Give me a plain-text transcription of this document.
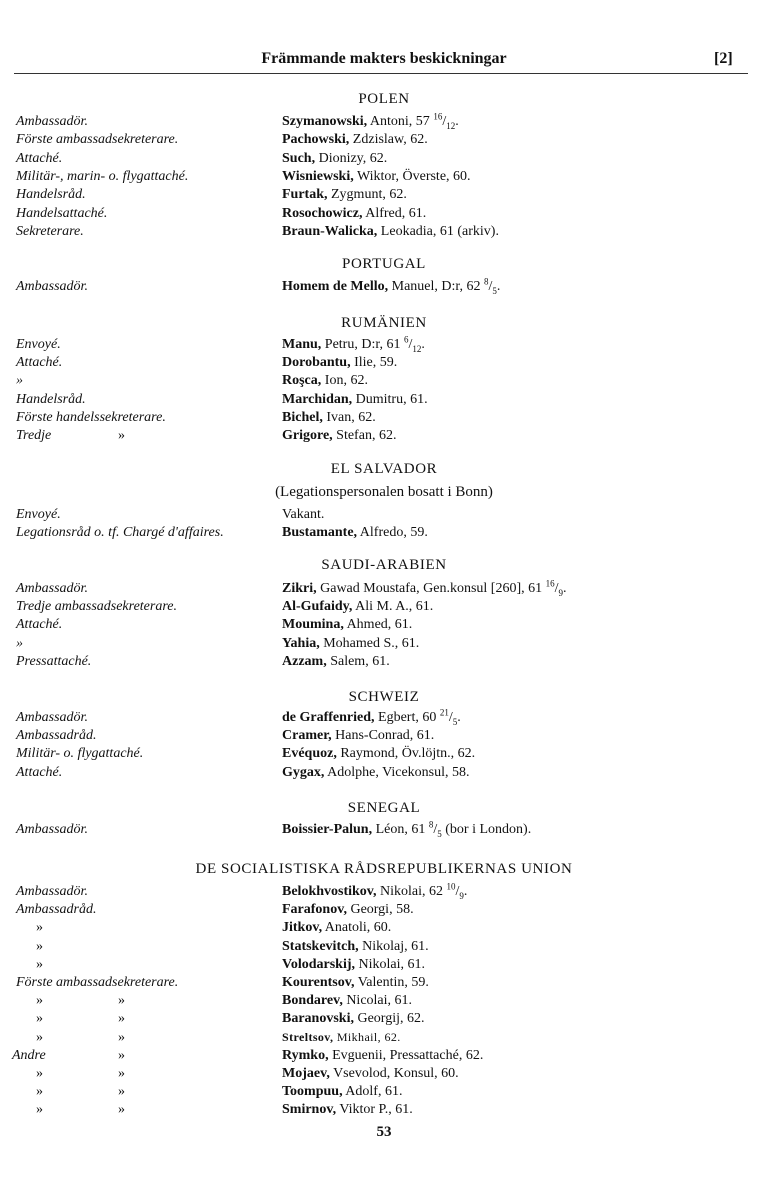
Främmande makters beskickningar	[2]
POLEN
Ambassadör.	Szymanowski, Antoni, 57 $^{16}/_{12}$.
Förste ambassadsekreterare.	Pachowski, Zdzislaw, 62.
Attaché.	Such, Dionizy, 62.
Militär-, marin- o. flygattaché.	Wisniewski, Wiktor, Överste, 60.
Handelsråd.	Furtak, Zygmunt, 62.
Handelsattaché.	Rosochowicz, Alfred, 61.
Sekreterare.	Braun-Walicka, Leokadia, 61 (arkiv).
PORTUGAL
Ambassadör.	Homem de Mello, Manuel, D:r, 62 $^8/_5$.
RUMÄNIEN
Envoyé.	Manu, Petru, D:r, 61 $^6/_{12}$.
Attaché.	Dorobantu, Ilie, 59.
»	Roşca, Ion, 62.
Handelsråd.	Marchidan, Dumitru, 61.
Förste handelssekreterare.	Bichel, Ivan, 62.
Tredje	»	Grigore, Stefan, 62.
EL SALVADOR
(Legationspersonalen bosatt i Bonn)
Envoyé.	Vakant.
Legationsråd o. tf. Chargé d'affaires.	Bustamante, Alfredo, 59.
SAUDI-ARABIEN
Ambassadör.	Zikri, Gawad Moustafa, Gen.konsul [260], 61 $^{16}/_9$.
Tredje ambassadsekreterare.	Al-Gufaidy, Ali M. A., 61.
Attaché.	Moumina, Ahmed, 61.
»	Yahia, Mohamed S., 61.
Pressattaché.	Azzam, Salem, 61.
SCHWEIZ
Ambassadör.	de Graffenried, Egbert, 60 $^{21}/_5$.
Ambassadråd.	Cramer, Hans-Conrad, 61.
Militär- o. flygattaché.	Evéquoz, Raymond, Öv.löjtn., 62.
Attaché.	Gygax, Adolphe, Vicekonsul, 58.
SENEGAL
Ambassadör.	Boissier-Palun, Léon, 61 $^8/_5$ (bor i London).
DE SOCIALISTISKA RÅDSREPUBLIKERNAS UNION
Ambassadör.	Belokhvostikov, Nikolai, 62 $^{10}/_9$.
Ambassadråd.	Farafonov, Georgi, 58.
»	Jitkov, Anatoli, 60.
»	Statskevitch, Nikolaj, 61.
»	Volodarskij, Nikolai, 61.
Förste ambassadsekreterare.	Kourentsov, Valentin, 59.
»	»	Bondarev, Nicolai, 61.
»	»	Baranovski, Georgij, 62.
»	»	Streltsov, Mikhail, 62.
Andre	»	Rymko, Evguenii, Pressattaché, 62.
»	»	Mojaev, Vsevolod, Konsul, 60.
»	»	Toompuu, Adolf, 61.
»	»	Smirnov, Viktor P., 61.
53
